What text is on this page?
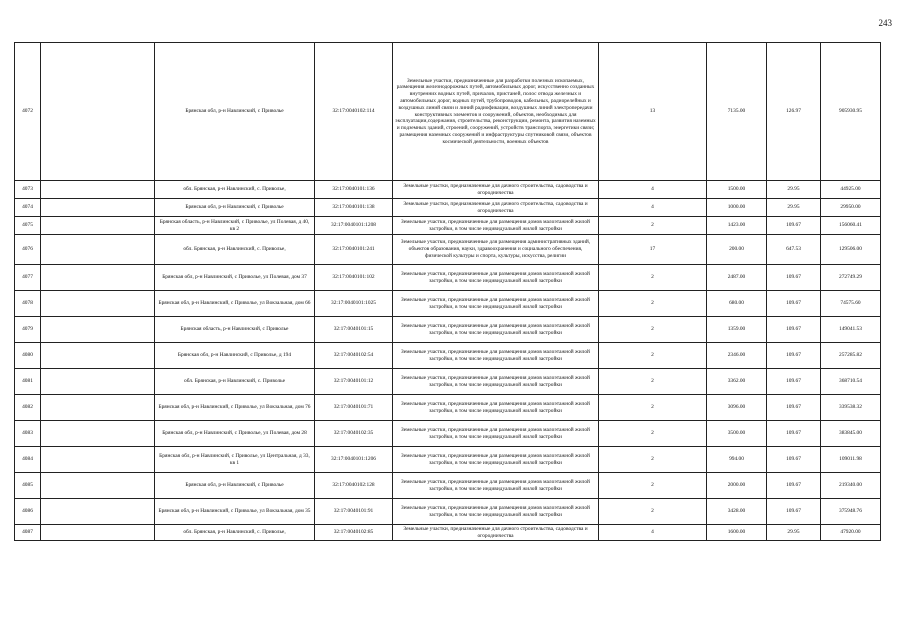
243
4072		Брянская обл, р-н Навлинский, с Приволье	32:17:0040102:114	Земельные участки, предназначенные для разработки полезных ископаемых, размещения железнодорожных путей, автомобильных дорог, искусственно созданных внутренних водных путей, причалов, пристаней, полос отвода железных и автомобильных дорог, водных путей, трубопроводов, кабельных, радиорелейных и воздушных линий связи и линий радиофикации, воздушных линий электропередачи конструктивных элементов и сооружений, объектов, необходимых для эксплуатации,содержания, строительства, реконструкции, ремонта, развития наземных и подземных зданий, строений, сооружений, устройств транспорта, энергетики связи; размещения наземных сооружений и инфраструктуры спутниковой связи, объектов космической деятельности, военных объектов	13	7135.00	126.97	905930.95
4073		обл. Брянская, р-н Навлинский, с. Приволье,	32:17:0040101:136	Земельные участки, предназначенные для дачного строительства, садоводства и огородничества	4	1500.00	29.95	44925.00
4074		Брянская обл, р-н Навлинский, с Приволье	32:17:0040101:138	Земельные участки, предназначенные для дачного строительства, садоводства и огородничества	4	1000.00	29.95	29950.00
4075		Брянская область, р-н Навлинский, с Приволье, ул Полевая, д 40, кв 2	32:17:0040101:1208	Земельные участки, предназначенные для размещения домов малоэтажной жилой застройки, в том числе индивидуальной жилой застройки	2	1423.00	109.67	156060.41
4076		обл. Брянская, р-н Навлинский, с. Приволье,	32:17:0040101:241	Земельные участки, предназначенные для размещения административных зданий, объектов образования, науки, здравоохранения и социального обеспечения, физической культуры и спорта, культуры, искусства, религии	17	200.00	647.53	129506.00
4077		Брянская обл, р-н Навлинский, с Приволье, ул Полевая, дом 37	32:17:0040101:102	Земельные участки, предназначенные для размещения домов малоэтажной жилой застройки, в том числе индивидуальной жилой застройки	2	2487.00	109.67	272749.29
4078		Брянская обл, р-н Навлинский, с Приволье, ул Вокзальная, дом 66	32:17:0040101:1025	Земельные участки, предназначенные для размещения домов малоэтажной жилой застройки, в том числе индивидуальной жилой застройки	2	680.00	109.67	74575.60
4079		Брянская область, р-н Навлинский, с Приволье	32:17:0040101:15	Земельные участки, предназначенные для размещения домов малоэтажной жилой застройки, в том числе индивидуальной жилой застройки	2	1359.00	109.67	149041.53
4080		Брянская обл, р-н Навлинский, с Приволье, д 194	32:17:0040102:54	Земельные участки, предназначенные для размещения домов малоэтажной жилой застройки, в том числе индивидуальной жилой застройки	2	2346.00	109.67	257285.82
4081		обл. Брянская, р-н Навлинский, с. Приволье	32:17:0040101:12	Земельные участки, предназначенные для размещения домов малоэтажной жилой застройки, в том числе индивидуальной жилой застройки	2	3362.00	109.67	368710.54
4082		Брянская обл, р-н Навлинский, с Приволье, ул Вокзальная, дом 76	32:17:0040101:71	Земельные участки, предназначенные для размещения домов малоэтажной жилой застройки, в том числе индивидуальной жилой застройки	2	3096.00	109.67	339538.32
4083		Брянская обл, р-н Навлинский, с Приволье, ул Полевая, дом 28	32:17:0040102:35	Земельные участки, предназначенные для размещения домов малоэтажной жилой застройки, в том числе индивидуальной жилой застройки	2	3500.00	109.67	383845.00
4084		Брянская обл, р-н Навлинский, с Приволье, ул Центральная, д 33, кв 1	32:17:0040101:1206	Земельные участки, предназначенные для размещения домов малоэтажной жилой застройки, в том числе индивидуальной жилой застройки	2	994.00	109.67	109011.98
4085		Брянская обл, р-н Навлинский, с Приволье	32:17:0040102:128	Земельные участки, предназначенные для размещения домов малоэтажной жилой застройки, в том числе индивидуальной жилой застройки	2	2000.00	109.67	219340.00
4086		Брянская обл, р-н Навлинский, с Приволье, ул Вокзальная, дом 35	32:17:0040101:91	Земельные участки, предназначенные для размещения домов малоэтажной жилой застройки, в том числе индивидуальной жилой застройки	2	3428.00	109.67	375948.76
4087		обл. Брянская, р-н Навлинский, с. Приволье,	32:17:0040102:85	Земельные участки, предназначенные для дачного строительства, садоводства и огородничества	4	1600.00	29.95	47920.00
